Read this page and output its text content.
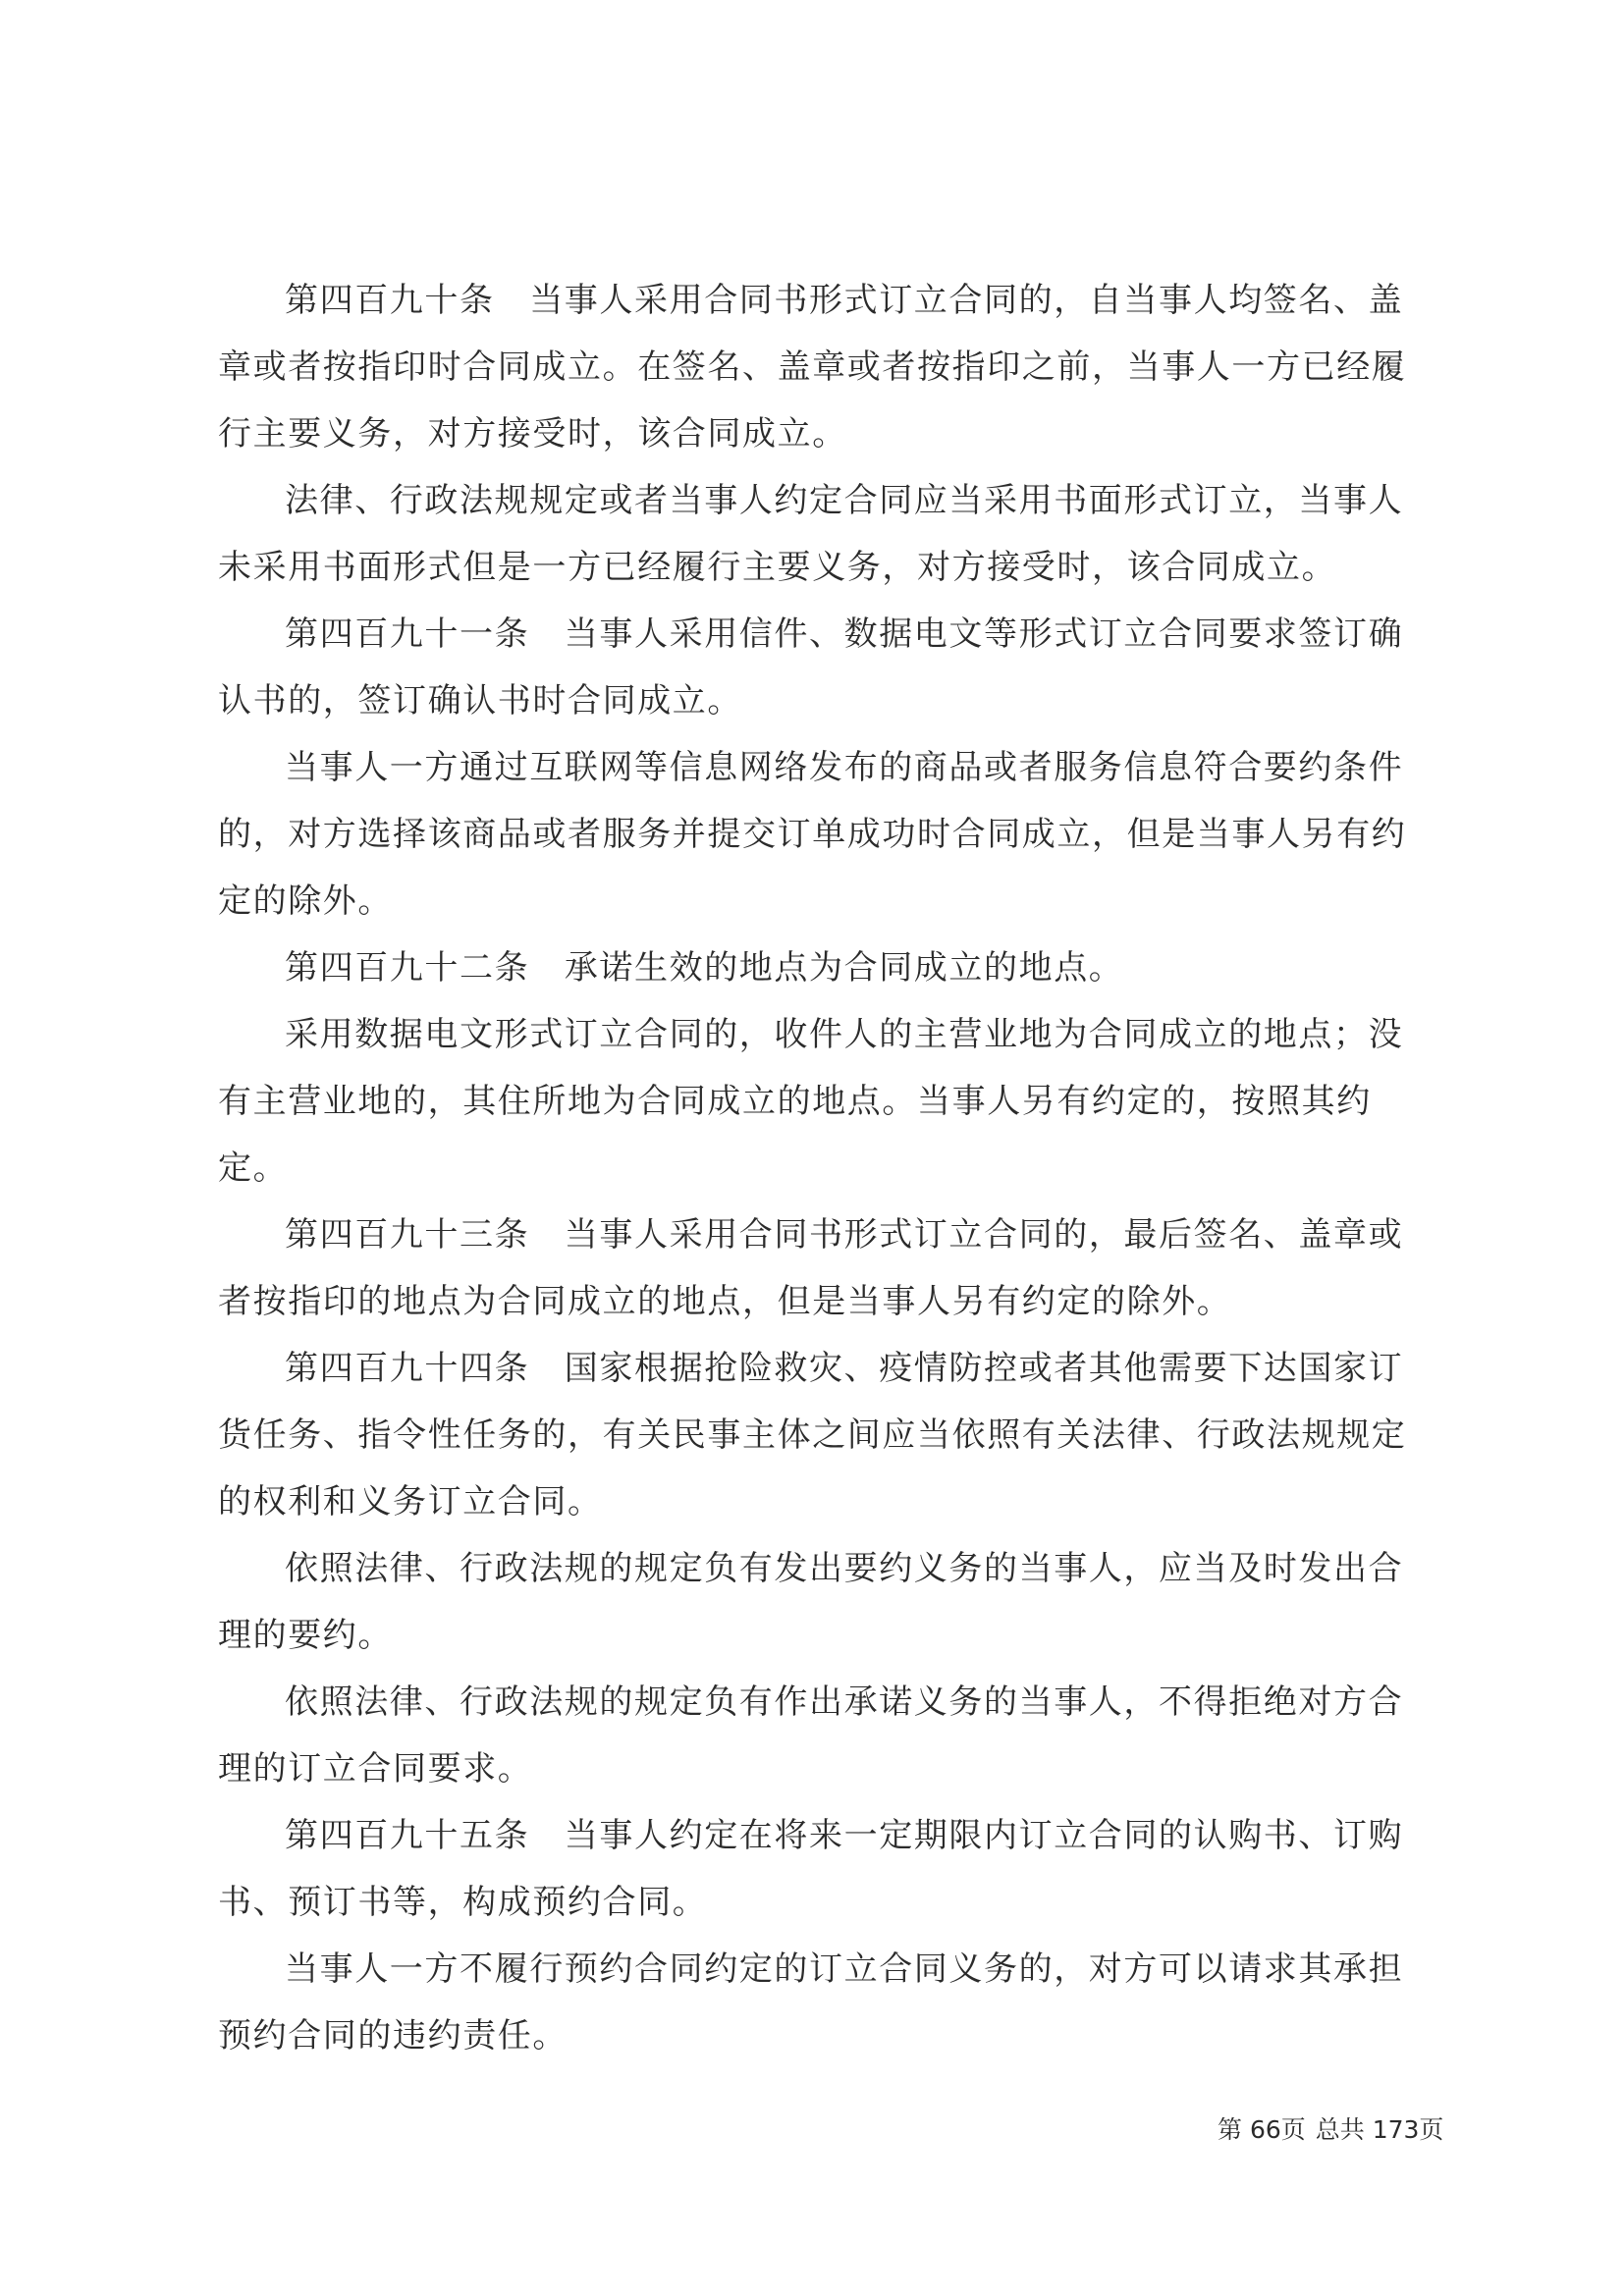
第四百九十条　当事人采用合同书形式订立合同的，自当事人均签名、盖章或者按指印时合同成立。在签名、盖章或者按指印之前，当事人一方已经履行主要义务，对方接受时，该合同成立。

法律、行政法规规定或者当事人约定合同应当采用书面形式订立，当事人未采用书面形式但是一方已经履行主要义务，对方接受时，该合同成立。

第四百九十一条　当事人采用信件、数据电文等形式订立合同要求签订确认书的，签订确认书时合同成立。

当事人一方通过互联网等信息网络发布的商品或者服务信息符合要约条件的，对方选择该商品或者服务并提交订单成功时合同成立，但是当事人另有约定的除外。

第四百九十二条　承诺生效的地点为合同成立的地点。

采用数据电文形式订立合同的，收件人的主营业地为合同成立的地点；没有主营业地的，其住所地为合同成立的地点。当事人另有约定的，按照其约定。

第四百九十三条　当事人采用合同书形式订立合同的，最后签名、盖章或者按指印的地点为合同成立的地点，但是当事人另有约定的除外。

第四百九十四条　国家根据抢险救灾、疫情防控或者其他需要下达国家订货任务、指令性任务的，有关民事主体之间应当依照有关法律、行政法规规定的权利和义务订立合同。

依照法律、行政法规的规定负有发出要约义务的当事人，应当及时发出合理的要约。

依照法律、行政法规的规定负有作出承诺义务的当事人，不得拒绝对方合理的订立合同要求。

第四百九十五条　当事人约定在将来一定期限内订立合同的认购书、订购书、预订书等，构成预约合同。

当事人一方不履行预约合同约定的订立合同义务的，对方可以请求其承担预约合同的违约责任。

第 66页 总共 173页
